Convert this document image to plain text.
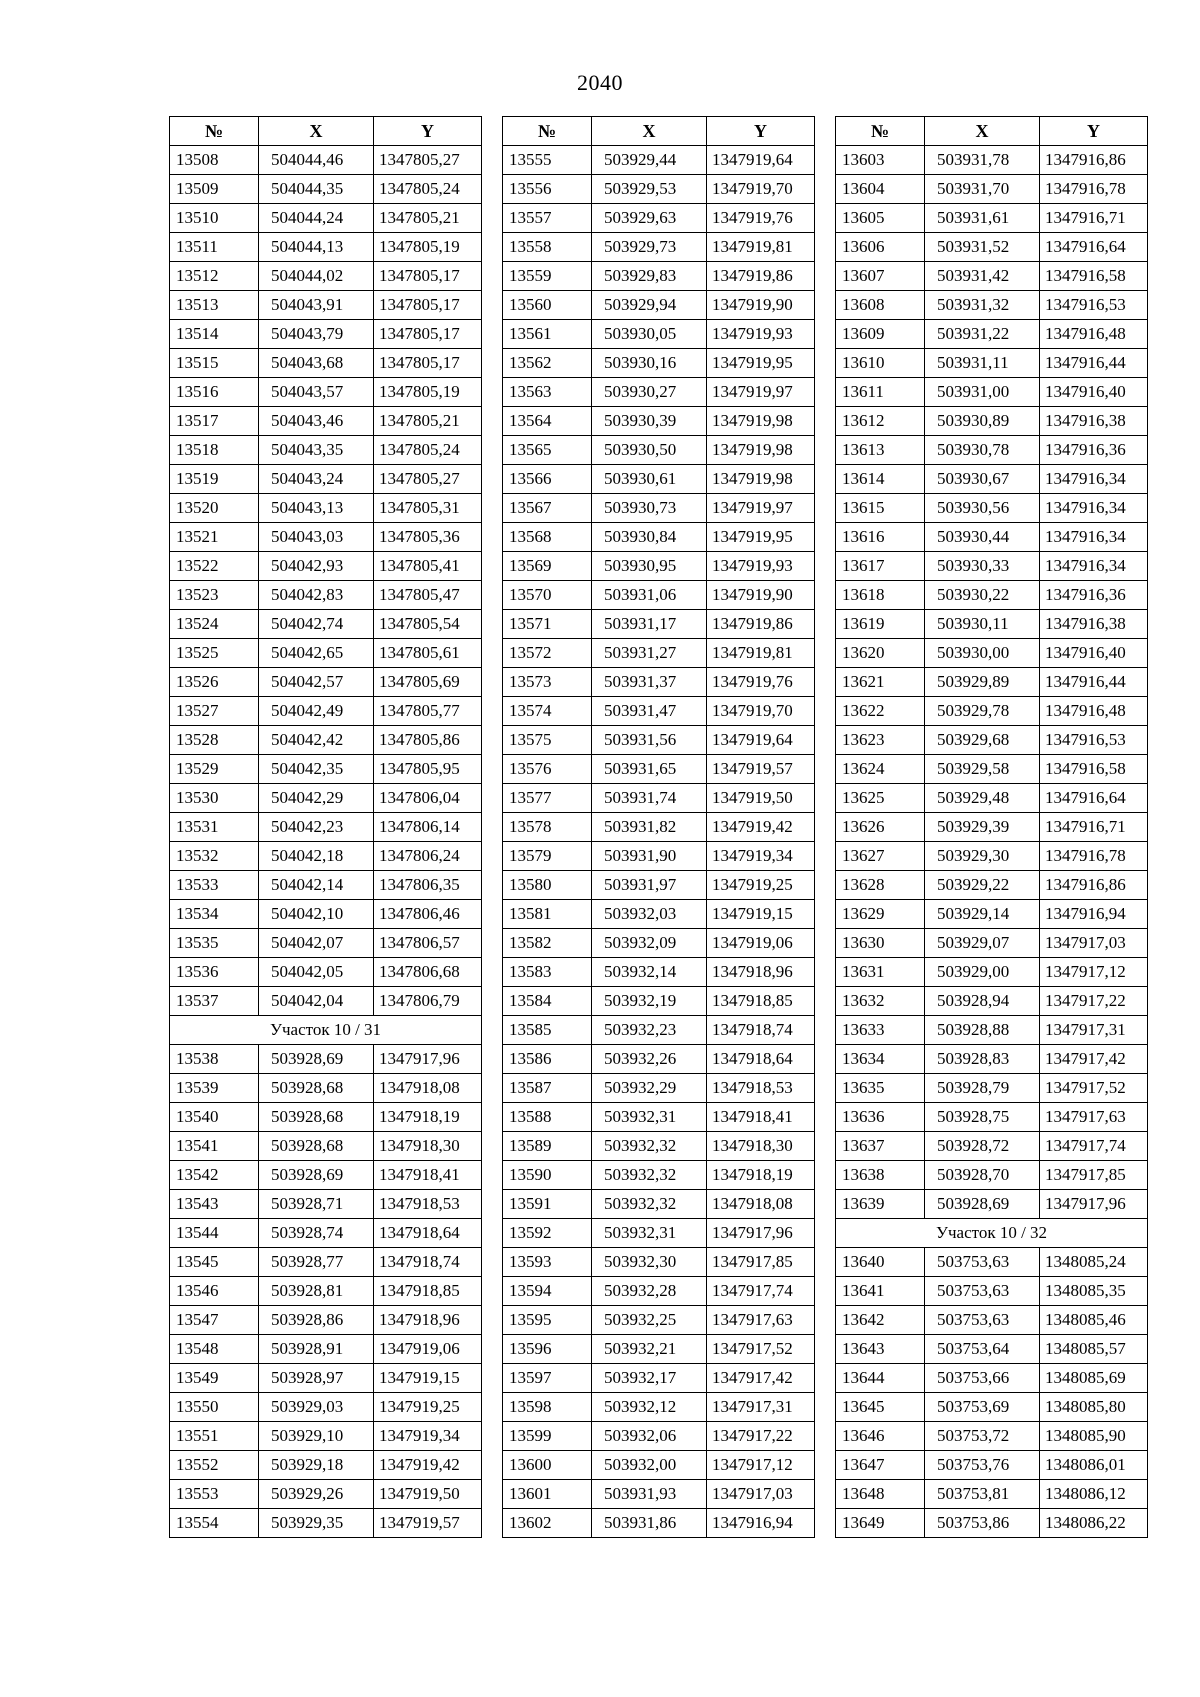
2040
№	X	Y
13508	504044,46	1347805,27
13509	504044,35	1347805,24
13510	504044,24	1347805,21
13511	504044,13	1347805,19
13512	504044,02	1347805,17
13513	504043,91	1347805,17
13514	504043,79	1347805,17
13515	504043,68	1347805,17
13516	504043,57	1347805,19
13517	504043,46	1347805,21
13518	504043,35	1347805,24
13519	504043,24	1347805,27
13520	504043,13	1347805,31
13521	504043,03	1347805,36
13522	504042,93	1347805,41
13523	504042,83	1347805,47
13524	504042,74	1347805,54
13525	504042,65	1347805,61
13526	504042,57	1347805,69
13527	504042,49	1347805,77
13528	504042,42	1347805,86
13529	504042,35	1347805,95
13530	504042,29	1347806,04
13531	504042,23	1347806,14
13532	504042,18	1347806,24
13533	504042,14	1347806,35
13534	504042,10	1347806,46
13535	504042,07	1347806,57
13536	504042,05	1347806,68
13537	504042,04	1347806,79
Участок 10 / 31		
13538	503928,69	1347917,96
13539	503928,68	1347918,08
13540	503928,68	1347918,19
13541	503928,68	1347918,30
13542	503928,69	1347918,41
13543	503928,71	1347918,53
13544	503928,74	1347918,64
13545	503928,77	1347918,74
13546	503928,81	1347918,85
13547	503928,86	1347918,96
13548	503928,91	1347919,06
13549	503928,97	1347919,15
13550	503929,03	1347919,25
13551	503929,10	1347919,34
13552	503929,18	1347919,42
13553	503929,26	1347919,50
13554	503929,35	1347919,57
№	X	Y
13555	503929,44	1347919,64
13556	503929,53	1347919,70
13557	503929,63	1347919,76
13558	503929,73	1347919,81
13559	503929,83	1347919,86
13560	503929,94	1347919,90
13561	503930,05	1347919,93
13562	503930,16	1347919,95
13563	503930,27	1347919,97
13564	503930,39	1347919,98
13565	503930,50	1347919,98
13566	503930,61	1347919,98
13567	503930,73	1347919,97
13568	503930,84	1347919,95
13569	503930,95	1347919,93
13570	503931,06	1347919,90
13571	503931,17	1347919,86
13572	503931,27	1347919,81
13573	503931,37	1347919,76
13574	503931,47	1347919,70
13575	503931,56	1347919,64
13576	503931,65	1347919,57
13577	503931,74	1347919,50
13578	503931,82	1347919,42
13579	503931,90	1347919,34
13580	503931,97	1347919,25
13581	503932,03	1347919,15
13582	503932,09	1347919,06
13583	503932,14	1347918,96
13584	503932,19	1347918,85
13585	503932,23	1347918,74
13586	503932,26	1347918,64
13587	503932,29	1347918,53
13588	503932,31	1347918,41
13589	503932,32	1347918,30
13590	503932,32	1347918,19
13591	503932,32	1347918,08
13592	503932,31	1347917,96
13593	503932,30	1347917,85
13594	503932,28	1347917,74
13595	503932,25	1347917,63
13596	503932,21	1347917,52
13597	503932,17	1347917,42
13598	503932,12	1347917,31
13599	503932,06	1347917,22
13600	503932,00	1347917,12
13601	503931,93	1347917,03
13602	503931,86	1347916,94
№	X	Y
13603	503931,78	1347916,86
13604	503931,70	1347916,78
13605	503931,61	1347916,71
13606	503931,52	1347916,64
13607	503931,42	1347916,58
13608	503931,32	1347916,53
13609	503931,22	1347916,48
13610	503931,11	1347916,44
13611	503931,00	1347916,40
13612	503930,89	1347916,38
13613	503930,78	1347916,36
13614	503930,67	1347916,34
13615	503930,56	1347916,34
13616	503930,44	1347916,34
13617	503930,33	1347916,34
13618	503930,22	1347916,36
13619	503930,11	1347916,38
13620	503930,00	1347916,40
13621	503929,89	1347916,44
13622	503929,78	1347916,48
13623	503929,68	1347916,53
13624	503929,58	1347916,58
13625	503929,48	1347916,64
13626	503929,39	1347916,71
13627	503929,30	1347916,78
13628	503929,22	1347916,86
13629	503929,14	1347916,94
13630	503929,07	1347917,03
13631	503929,00	1347917,12
13632	503928,94	1347917,22
13633	503928,88	1347917,31
13634	503928,83	1347917,42
13635	503928,79	1347917,52
13636	503928,75	1347917,63
13637	503928,72	1347917,74
13638	503928,70	1347917,85
13639	503928,69	1347917,96
Участок 10 / 32		
13640	503753,63	1348085,24
13641	503753,63	1348085,35
13642	503753,63	1348085,46
13643	503753,64	1348085,57
13644	503753,66	1348085,69
13645	503753,69	1348085,80
13646	503753,72	1348085,90
13647	503753,76	1348086,01
13648	503753,81	1348086,12
13649	503753,86	1348086,22
